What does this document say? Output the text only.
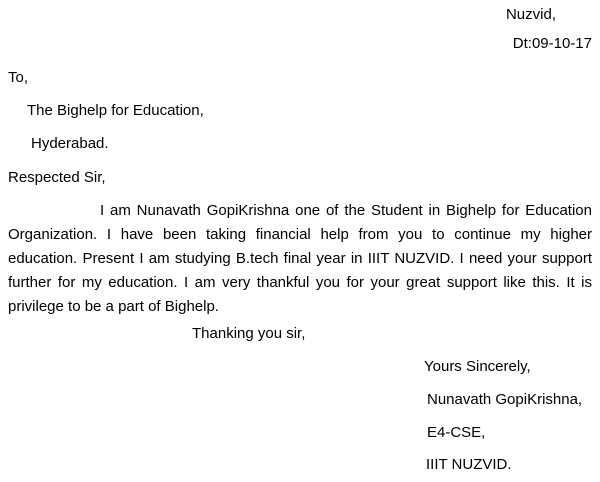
Nuzvid,
Dt:09-10-17
To,
The Bighelp for Education,
Hyderabad.
Respected Sir,
I am Nunavath GopiKrishna one of the Student in Bighelp for Education Organization. I have been taking financial help from you to continue my higher education. Present I am studying B.tech final year in IIIT NUZVID. I need your support further for my education. I am very thankful you for your great support like this. It is privilege to be a part of Bighelp.
Thanking you sir,
Yours Sincerely,
Nunavath GopiKrishna,
E4-CSE,
IIIT NUZVID.
